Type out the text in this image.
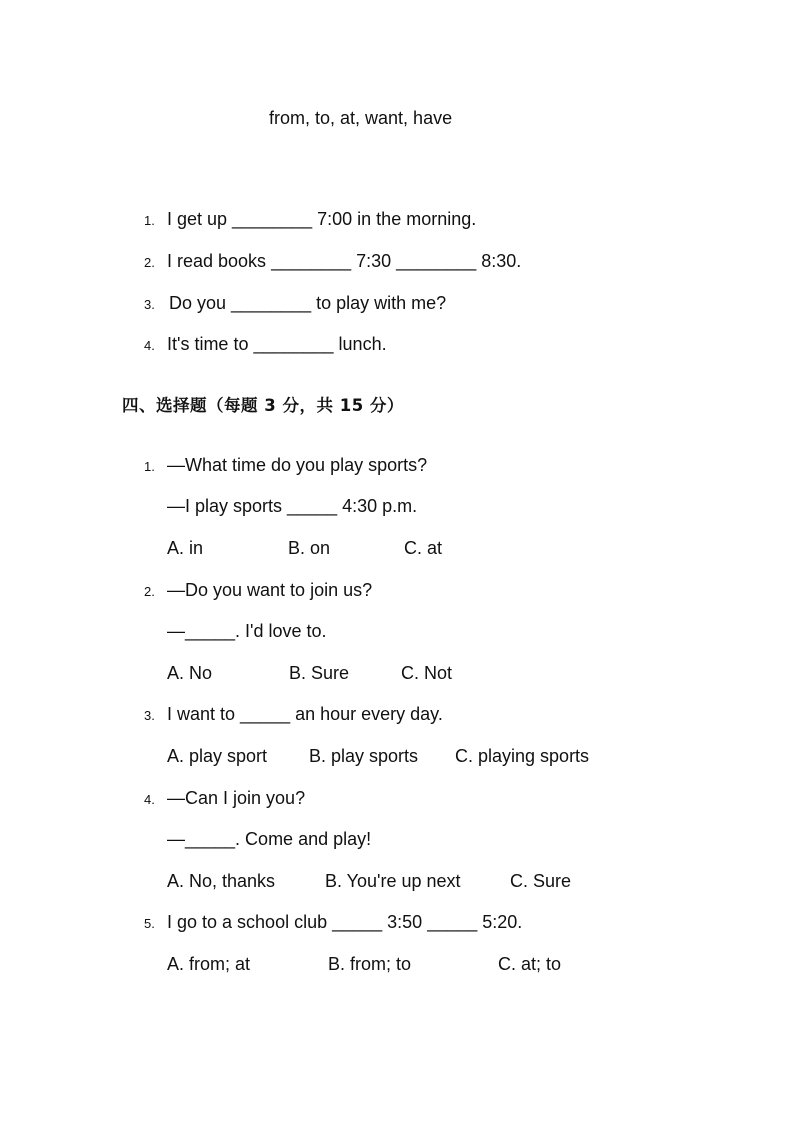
from, to, at, want, have
1. I get up ________ 7:00 in the morning.
2. I read books ________ 7:30 ________ 8:30.
3. Do you ________ to play with me?
4. It's time to ________ lunch.
四、选择题（每题 3 分，共 15 分）
1. —What time do you play sports?
—I play sports _____ 4:30 p.m.
A. in	B. on	C. at
2. —Do you want to join us?
—_____. I'd love to.
A. No	B. Sure	C. Not
3. I want to _____ an hour every day.
A. play sport B. play sports C. playing sports
4. —Can I join you?
—_____. Come and play!
A. No, thanks	B. You're up next	C. Sure
5. I go to a school club _____ 3:50 _____ 5:20.
A. from; at	B. from; to	C. at; to
